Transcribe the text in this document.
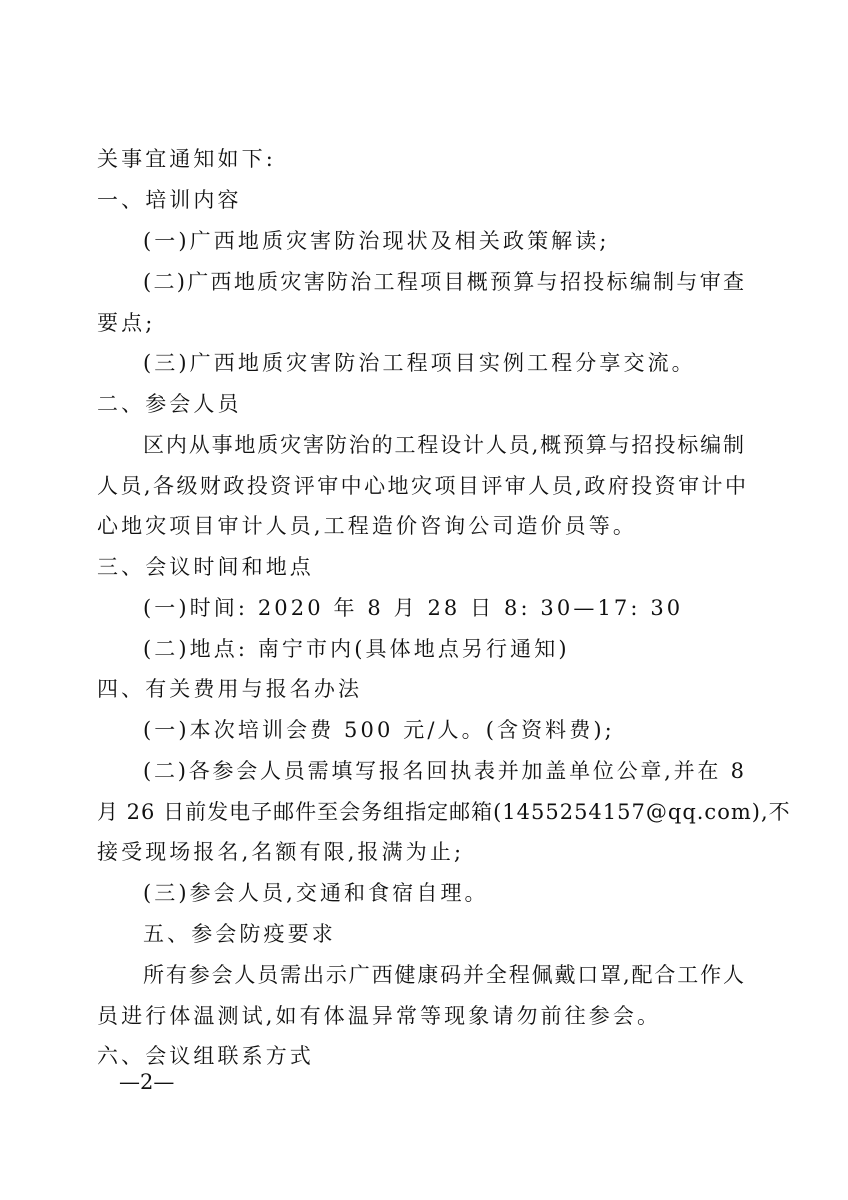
关事宜通知如下:
一、培训内容
(一)广西地质灾害防治现状及相关政策解读;
(二)广西地质灾害防治工程项目概预算与招投标编制与审查
要点;
(三)广西地质灾害防治工程项目实例工程分享交流。
二、参会人员
区内从事地质灾害防治的工程设计人员,概预算与招投标编制
人员,各级财政投资评审中心地灾项目评审人员,政府投资审计中
心地灾项目审计人员,工程造价咨询公司造价员等。
三、会议时间和地点
(一)时间: 2020 年 8 月 28 日 8: 30—17: 30
(二)地点: 南宁市内(具体地点另行通知)
四、有关费用与报名办法
(一)本次培训会费 500 元/人。(含资料费);
(二)各参会人员需填写报名回执表并加盖单位公章,并在 8
月 26 日前发电子邮件至会务组指定邮箱(1455254157@qq.com),不
接受现场报名,名额有限,报满为止;
(三)参会人员,交通和食宿自理。
五、参会防疫要求
所有参会人员需出示广西健康码并全程佩戴口罩,配合工作人
员进行体温测试,如有体温异常等现象请勿前往参会。
六、会议组联系方式
—2—
